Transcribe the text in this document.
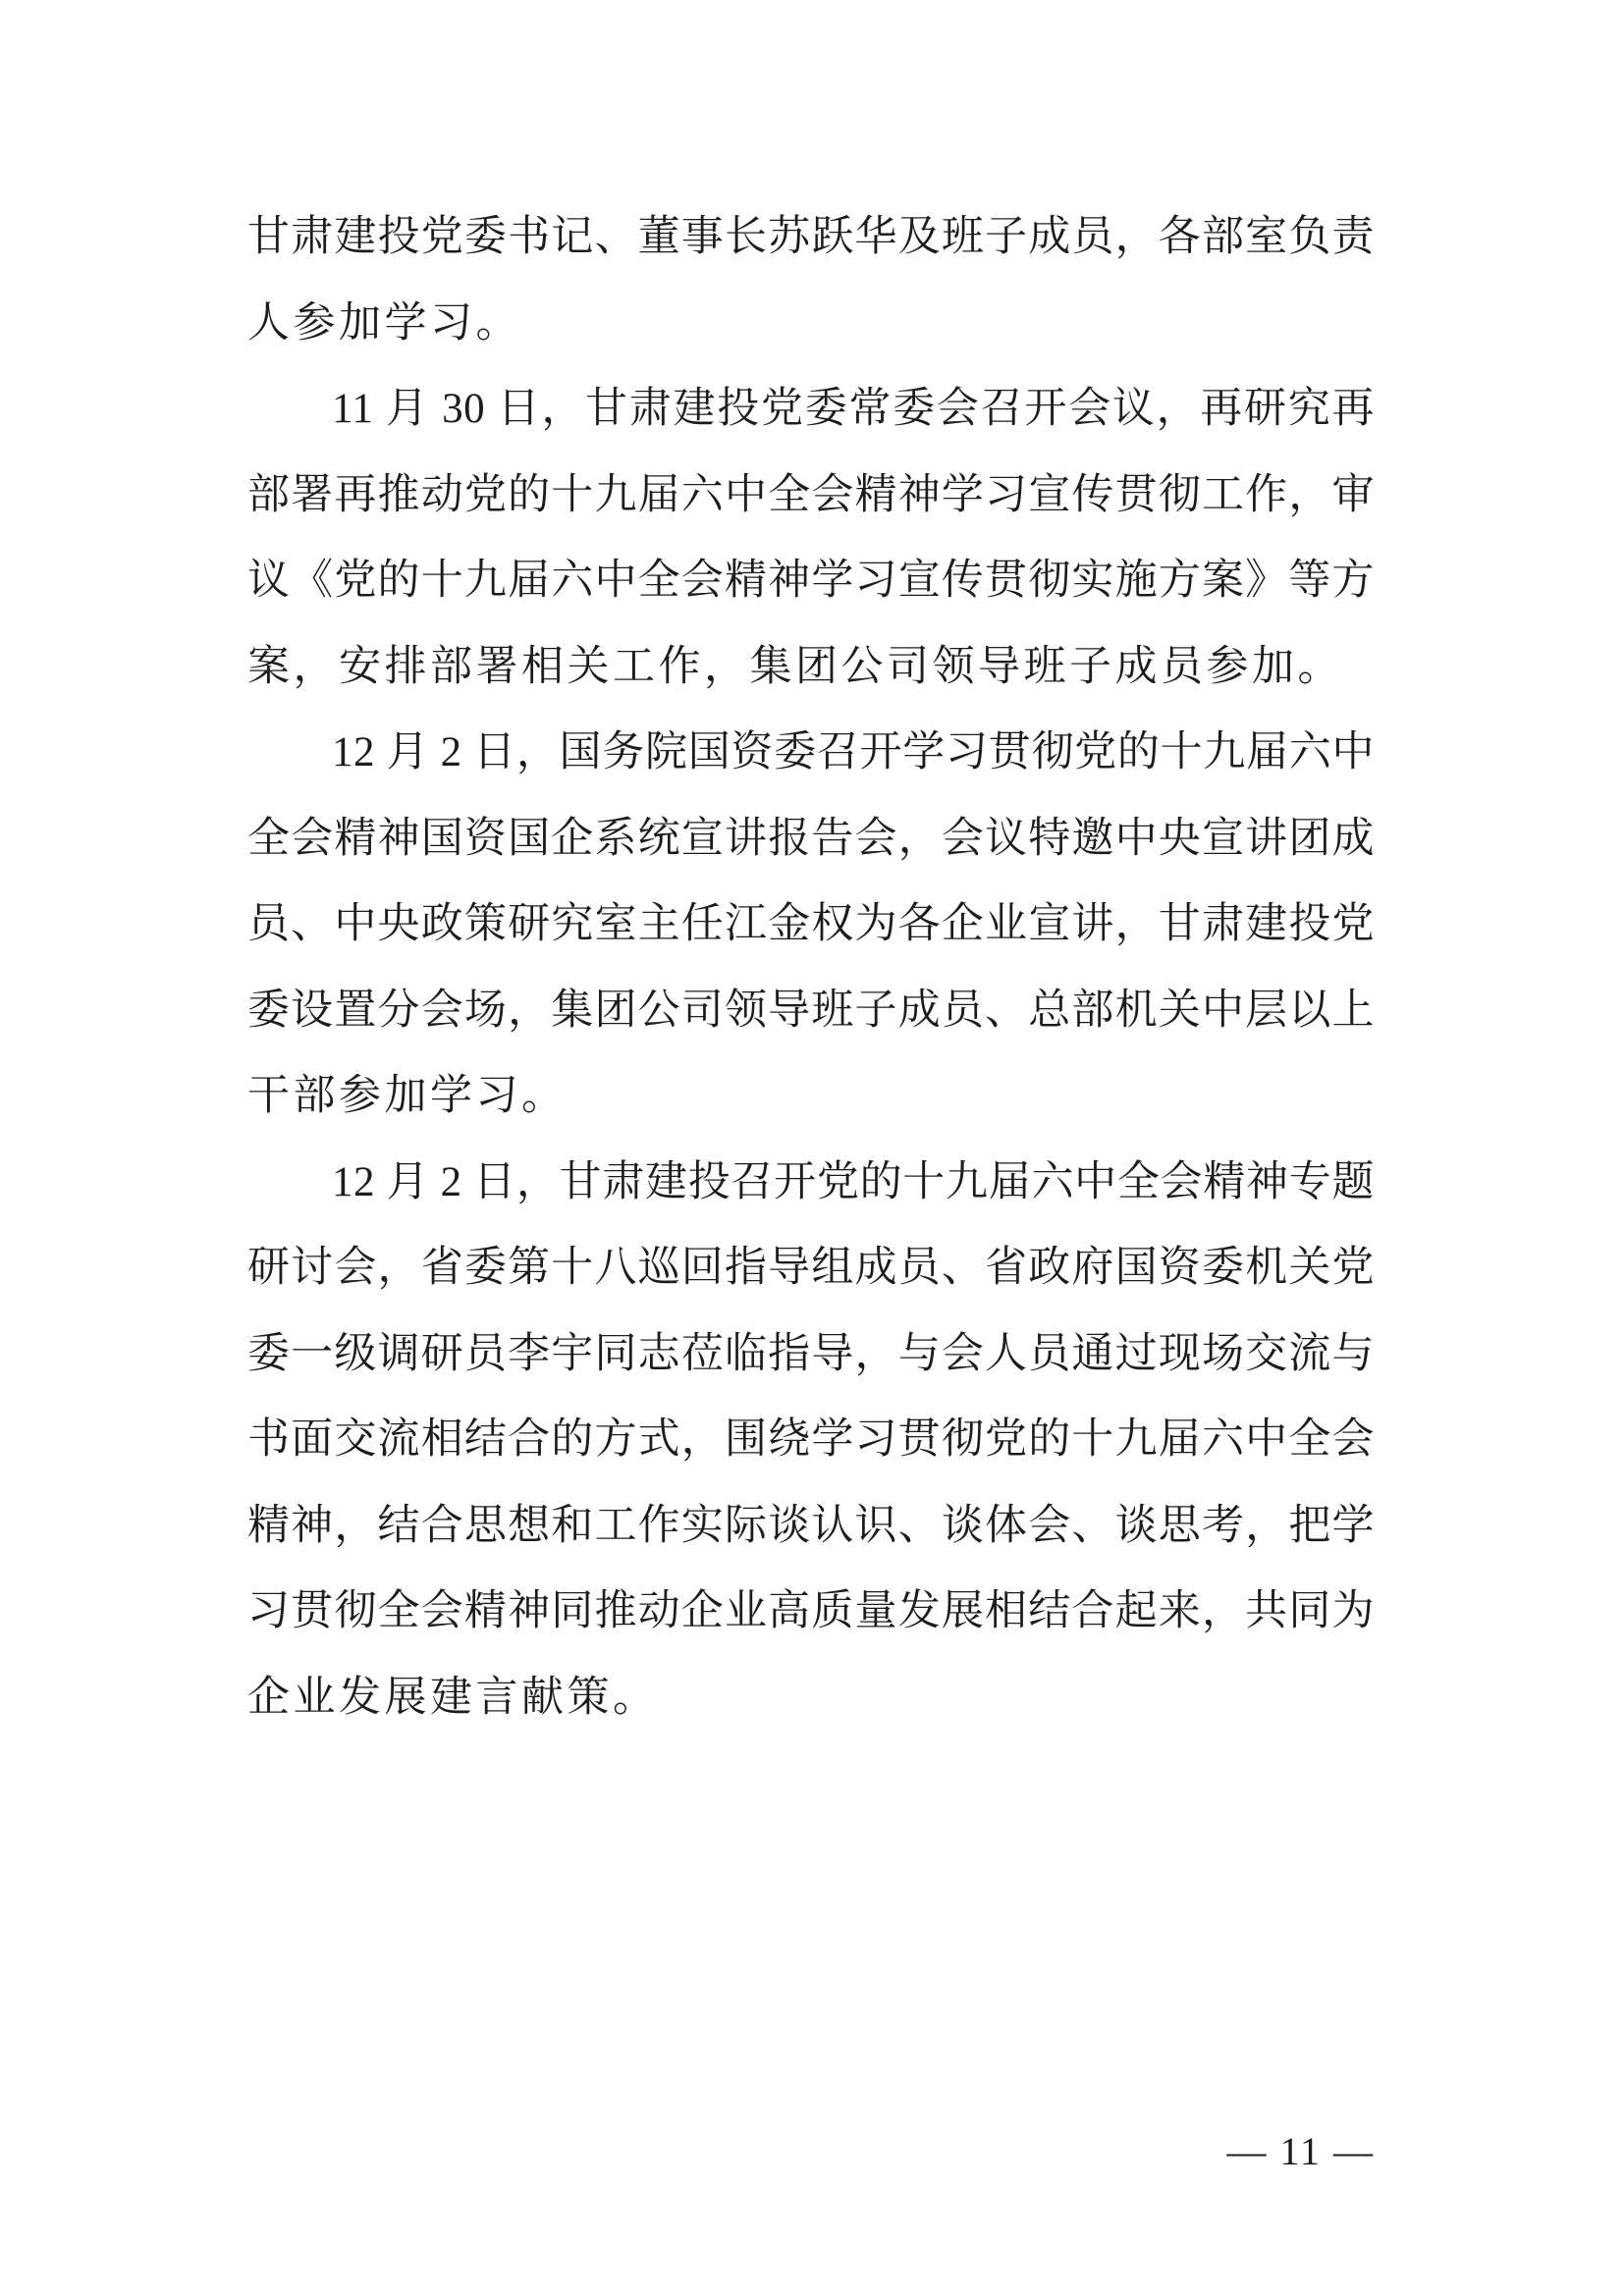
甘肃建投党委书记、董事长苏跃华及班子成员，各部室负责
人参加学习。
11 月 30 日，甘肃建投党委常委会召开会议，再研究再
部署再推动党的十九届六中全会精神学习宣传贯彻工作，审
议《党的十九届六中全会精神学习宣传贯彻实施方案》等方
案，安排部署相关工作，集团公司领导班子成员参加。
12 月 2 日，国务院国资委召开学习贯彻党的十九届六中
全会精神国资国企系统宣讲报告会，会议特邀中央宣讲团成
员、中央政策研究室主任江金权为各企业宣讲，甘肃建投党
委设置分会场，集团公司领导班子成员、总部机关中层以上
干部参加学习。
12 月 2 日，甘肃建投召开党的十九届六中全会精神专题
研讨会，省委第十八巡回指导组成员、省政府国资委机关党
委一级调研员李宇同志莅临指导，与会人员通过现场交流与
书面交流相结合的方式，围绕学习贯彻党的十九届六中全会
精神，结合思想和工作实际谈认识、谈体会、谈思考，把学
习贯彻全会精神同推动企业高质量发展相结合起来，共同为
企业发展建言献策。
— 11 —
